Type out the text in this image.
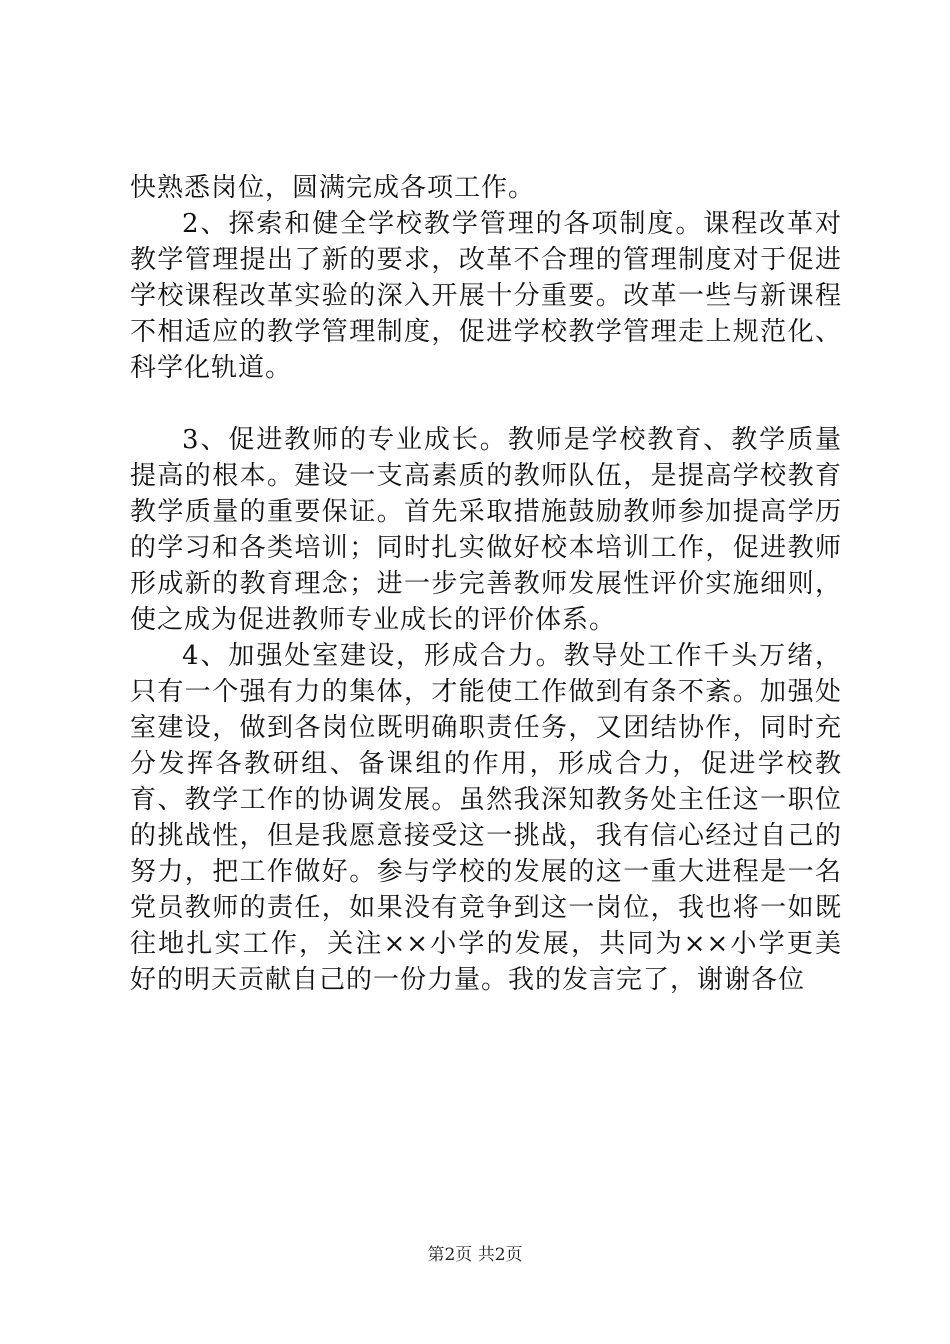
快熟悉岗位，圆满完成各项工作。

2、探索和健全学校教学管理的各项制度。课程改革对教学管理提出了新的要求，改革不合理的管理制度对于促进学校课程改革实验的深入开展十分重要。改革一些与新课程不相适应的教学管理制度，促进学校教学管理走上规范化、科学化轨道。

3、促进教师的专业成长。教师是学校教育、教学质量提高的根本。建设一支高素质的教师队伍，是提高学校教育教学质量的重要保证。首先采取措施鼓励教师参加提高学历的学习和各类培训；同时扎实做好校本培训工作，促进教师形成新的教育理念；进一步完善教师发展性评价实施细则，使之成为促进教师专业成长的评价体系。

4、加强处室建设，形成合力。教导处工作千头万绪，只有一个强有力的集体，才能使工作做到有条不紊。加强处室建设，做到各岗位既明确职责任务，又团结协作，同时充分发挥各教研组、备课组的作用，形成合力，促进学校教育、教学工作的协调发展。虽然我深知教务处主任这一职位的挑战性，但是我愿意接受这一挑战，我有信心经过自己的努力，把工作做好。参与学校的发展的这一重大进程是一名党员教师的责任，如果没有竞争到这一岗位，我也将一如既往地扎实工作，关注××小学的发展，共同为××小学更美好的明天贡献自己的一份力量。我的发言完了，谢谢各位

第2页 共2页
